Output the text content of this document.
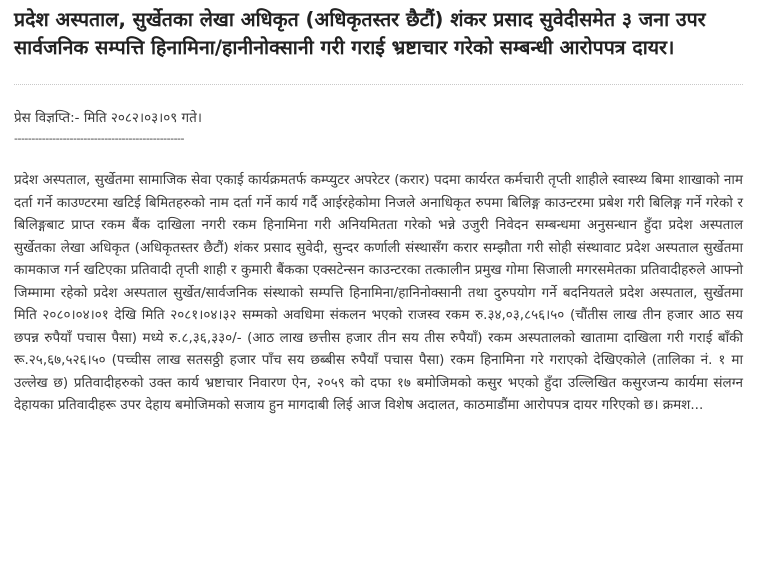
प्रदेश अस्पताल, सुर्खेतका लेखा अधिकृत (अधिकृतस्तर छैटौं) शंकर प्रसाद सुवेदीसमेत ३ जना उपर सार्वजनिक सम्पत्ति हिनामिना/हानीनोक्सानी गरी गराई भ्रष्टाचार गरेको सम्बन्धी आरोपपत्र दायर।

प्रेस विज्ञप्ति:- मिति २०८२।०३।०९ गते।

-------------------------------------------------

प्रदेश अस्पताल, सुर्खेतमा सामाजिक सेवा एकाई कार्यक्रमतर्फ कम्प्युटर अपरेटर (करार) पदमा कार्यरत कर्मचारी तृप्ती शाहीले स्वास्थ्य बिमा शाखाको नाम दर्ता गर्ने काउण्टरमा खटिई बिमितहरुको नाम दर्ता गर्ने कार्य गर्दै आईरहेकोमा निजले अनाधिकृत रुपमा बिलिङ्ग काउन्टरमा प्रबेश गरी बिलिङ्ग गर्ने गरेको र बिलिङ्गबाट प्राप्त रकम बैंक दाखिला नगरी रकम हिनामिना गरी अनियमितता गरेको भन्ने उजुरी निवेदन सम्बन्धमा अनुसन्धान हुँदा प्रदेश अस्पताल सुर्खेतका लेखा अधिकृत (अधिकृतस्तर छैटौं) शंकर प्रसाद सुवेदी, सुन्दर कर्णाली संस्थासँग करार सम्झौता गरी सोही संस्थावाट प्रदेश अस्पताल सुर्खेतमा कामकाज गर्न खटिएका प्रतिवादी तृप्ती शाही र कुमारी बैंकका एक्सटेन्सन काउन्टरका तत्कालीन प्रमुख गोमा सिजाली मगरसमेतका प्रतिवादीहरुले आफ्नो जिम्मामा रहेको प्रदेश अस्पताल सुर्खेत/सार्वजनिक संस्थाको सम्पत्ति हिनामिना/हानिनोक्सानी तथा दुरुपयोग गर्ने बदनियतले प्रदेश अस्पताल, सुर्खेतमा मिति २०८०।०४।०१ देखि मिति २०८१।०४।३२ सम्मको अवधिमा संकलन भएको राजस्व रकम रु.३४,०३,८५६।५० (चौंतीस लाख तीन हजार आठ सय छपन्न रुपैयाँ पचास पैसा) मध्ये रु.८,३६,३३०/- (आठ लाख छत्तीस हजार तीन सय तीस रुपैयाँ) रकम अस्पतालको खातामा दाखिला गरी गराई बाँकी रू.२५,६७,५२६।५० (पच्चीस लाख सतसठ्ठी हजार पाँच सय छब्बीस रुपैयाँ पचास पैसा) रकम हिनामिना गरे गराएको देखिएकोले (तालिका नं. १ मा उल्लेख छ) प्रतिवादीहरुको उक्त कार्य भ्रष्टाचार निवारण ऐन, २०५९ को दफा १७ बमोजिमको कसुर भएको हुँदा उल्लिखित कसुरजन्य कार्यमा संलग्न देहायका प्रतिवादीहरू उपर देहाय बमोजिमको सजाय हुन मागदाबी लिई आज विशेष अदालत, काठमाडौंमा आरोपपत्र दायर गरिएको छ। क्रमश...
